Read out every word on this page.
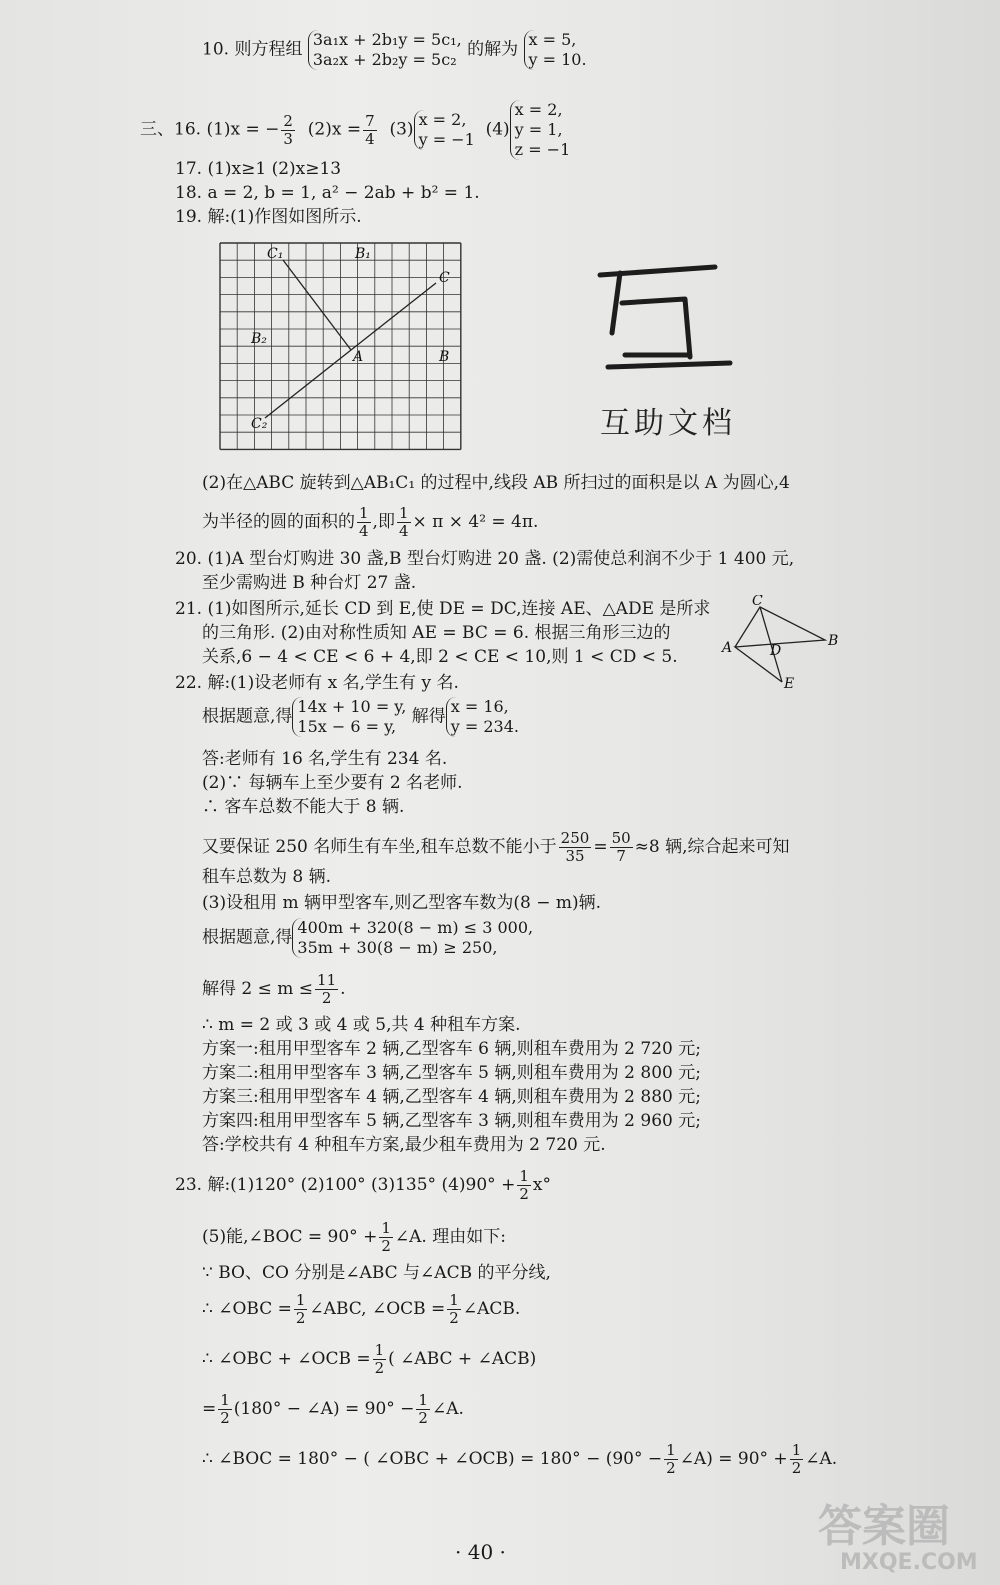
10. 则方程组 3a₁x + 2b₁y = 5c₁,
3a₂x + 2b₂y = 5c₂ 的解为 x = 5,
y = 10.
三、16. (1)x = − $\frac{2}{3} (2)x = \frac{7}{4} (3) x = 2$,
y = −1 (4)
x = 2,
y = 1,
z = −1
17. (1)x≥1 (2)x≥13
18. a = 2, b = 1, a² − 2ab + b² = 1.
19. 解:(1)作图如图所示.
C₁	B₁
C
B₂
A	B
C₂	互助文档
(2)在△ABC 旋转到△AB₁C₁ 的过程中,线段 AB 所扫过的面积是以 A 为圆心,4
为半径的圆的面积的 $\frac{1}{4}$ ,即 $\frac{1}{4} \times \pi \times 4^2 = 4\pi$.
20. (1)A 型台灯购进 30 盏,B 型台灯购进 20 盏. (2)需使总利润不少于 1 400 元,
至少需购进 B 种台灯 27 盏.
21. (1)如图所示,延长 CD 到 E,使 DE = DC,连接 AE、△ADE 是所求
的三角形. (2)由对称性质知 AE = BC = 6. 根据三角形三边的
关系,6 − 4 < CE < 6 + 4,即 2 < CE < 10,则 1 < CD < 5.
C
B
A	D
E
22. 解:(1)设老师有 x 名,学生有 y 名.
根据题意,得 14x + 10 = y,
15x − 6 = y, 解得 x = 16,
y = 234.
答:老师有 16 名,学生有 234 名.
(2)∵ 每辆车上至少要有 2 名老师.
∴ 客车总数不能大于 8 辆.
又要保证 250 名师生有车坐,租车总数不能小于 $\frac{250}{35} = \frac{50}{7} \approx 8$ 辆,综合起来可知
租车总数为 8 辆.
(3)设租用 m 辆甲型客车,则乙型客车数为(8 − m)辆.
根据题意,得 400m + 320(8 − m) ≤ 3 000,
35m + 30(8 − m) ≥ 250,
解得 $2 \le m \le \frac{11}{2}$ .
∴ m = 2 或 3 或 4 或 5,共 4 种租车方案.
方案一:租用甲型客车 2 辆,乙型客车 6 辆,则租车费用为 2 720 元;
方案二:租用甲型客车 3 辆,乙型客车 5 辆,则租车费用为 2 800 元;
方案三:租用甲型客车 4 辆,乙型客车 4 辆,则租车费用为 2 880 元;
方案四:租用甲型客车 5 辆,乙型客车 3 辆,则租车费用为 2 960 元;
答:学校共有 4 种租车方案,最少租车费用为 2 720 元.
23. 解:(1)120° (2)100° (3)135° $(4)90^\circ + \frac{1}{2} x^\circ$
(5)能,∠BOC = $90^\circ + \frac{1}{2}$ ∠A. 理由如下:
∵ BO、CO 分别是∠ABC 与∠ACB 的平分线,
∴ ∠OBC = $\frac{1}{2}$ ∠ABC, ∠OCB = $\frac{1}{2}$ ∠ACB.
∴ ∠OBC + ∠OCB = $\frac{1}{2}$ ( ∠ABC + ∠ACB)
= $\frac{1}{2} (180^\circ$ − ∠A) = $90^\circ - \frac{1}{2}$ ∠A.
∴ ∠BOC = 180° − ( ∠OBC + ∠OCB) = $180^\circ - (90^\circ - \frac{1}{2}$ ∠A) = $90^\circ + \frac{1}{2}$ ∠A.
· 40 ·	答案圈
MXQE.COM
